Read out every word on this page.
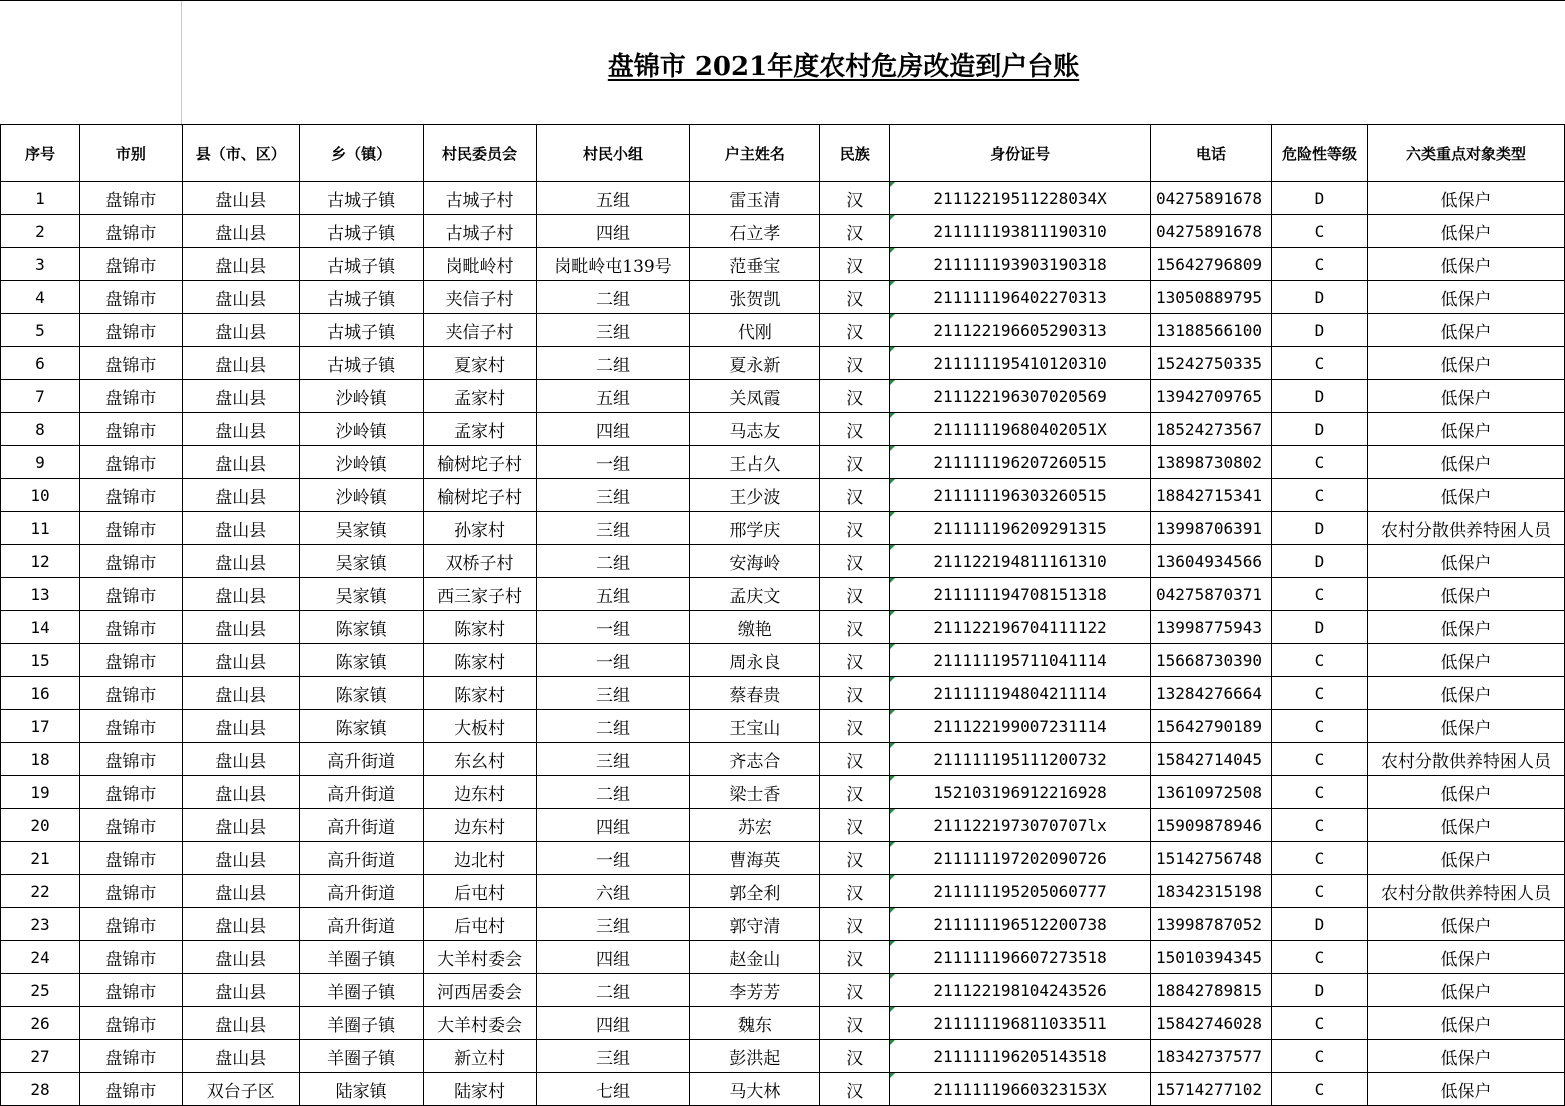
盘锦市 2021年度农村危房改造到户台账
序号	市别	县（市、区）	乡（镇）	村民委员会	村民小组	户主姓名	民族	身份证号	电话	危险性等级	六类重点对象类型
1	盘锦市	盘山县	古城子镇	古城子村	五组	雷玉清	汉	21112219511228034X	04275891678	D	低保户
2	盘锦市	盘山县	古城子镇	古城子村	四组	石立孝	汉	211111193811190310	04275891678	C	低保户
3	盘锦市	盘山县	古城子镇	岗毗岭村	岗毗岭屯139号	范垂宝	汉	211111193903190318	15642796809	C	低保户
4	盘锦市	盘山县	古城子镇	夹信子村	二组	张贺凯	汉	211111196402270313	13050889795	D	低保户
5	盘锦市	盘山县	古城子镇	夹信子村	三组	代刚	汉	211122196605290313	13188566100	D	低保户
6	盘锦市	盘山县	古城子镇	夏家村	二组	夏永新	汉	211111195410120310	15242750335	C	低保户
7	盘锦市	盘山县	沙岭镇	孟家村	五组	关凤霞	汉	211122196307020569	13942709765	D	低保户
8	盘锦市	盘山县	沙岭镇	孟家村	四组	马志友	汉	21111119680402051X	18524273567	D	低保户
9	盘锦市	盘山县	沙岭镇	榆树坨子村	一组	王占久	汉	211111196207260515	13898730802	C	低保户
10	盘锦市	盘山县	沙岭镇	榆树坨子村	三组	王少波	汉	211111196303260515	18842715341	C	低保户
11	盘锦市	盘山县	吴家镇	孙家村	三组	邢学庆	汉	211111196209291315	13998706391	D	农村分散供养特困人员
12	盘锦市	盘山县	吴家镇	双桥子村	二组	安海岭	汉	211122194811161310	13604934566	D	低保户
13	盘锦市	盘山县	吴家镇	西三家子村	五组	孟庆文	汉	211111194708151318	04275870371	C	低保户
14	盘锦市	盘山县	陈家镇	陈家村	一组	缴艳	汉	211122196704111122	13998775943	D	低保户
15	盘锦市	盘山县	陈家镇	陈家村	一组	周永良	汉	211111195711041114	15668730390	C	低保户
16	盘锦市	盘山县	陈家镇	陈家村	三组	蔡春贵	汉	211111194804211114	13284276664	C	低保户
17	盘锦市	盘山县	陈家镇	大板村	二组	王宝山	汉	211122199007231114	15642790189	C	低保户
18	盘锦市	盘山县	高升街道	东幺村	三组	齐志合	汉	211111195111200732	15842714045	C	农村分散供养特困人员
19	盘锦市	盘山县	高升街道	边东村	二组	梁士香	汉	152103196912216928	13610972508	C	低保户
20	盘锦市	盘山县	高升街道	边东村	四组	苏宏	汉	2111221973070707lx	15909878946	C	低保户
21	盘锦市	盘山县	高升街道	边北村	一组	曹海英	汉	211111197202090726	15142756748	C	低保户
22	盘锦市	盘山县	高升街道	后屯村	六组	郭全利	汉	211111195205060777	18342315198	C	农村分散供养特困人员
23	盘锦市	盘山县	高升街道	后屯村	三组	郭守清	汉	211111196512200738	13998787052	D	低保户
24	盘锦市	盘山县	羊圈子镇	大羊村委会	四组	赵金山	汉	211111196607273518	15010394345	C	低保户
25	盘锦市	盘山县	羊圈子镇	河西居委会	二组	李芳芳	汉	211122198104243526	18842789815	D	低保户
26	盘锦市	盘山县	羊圈子镇	大羊村委会	四组	魏东	汉	211111196811033511	15842746028	C	低保户
27	盘锦市	盘山县	羊圈子镇	新立村	三组	彭洪起	汉	211111196205143518	18342737577	C	低保户
28	盘锦市	双台子区	陆家镇	陆家村	七组	马大林	汉	21111119660323153X	15714277102	C	低保户
